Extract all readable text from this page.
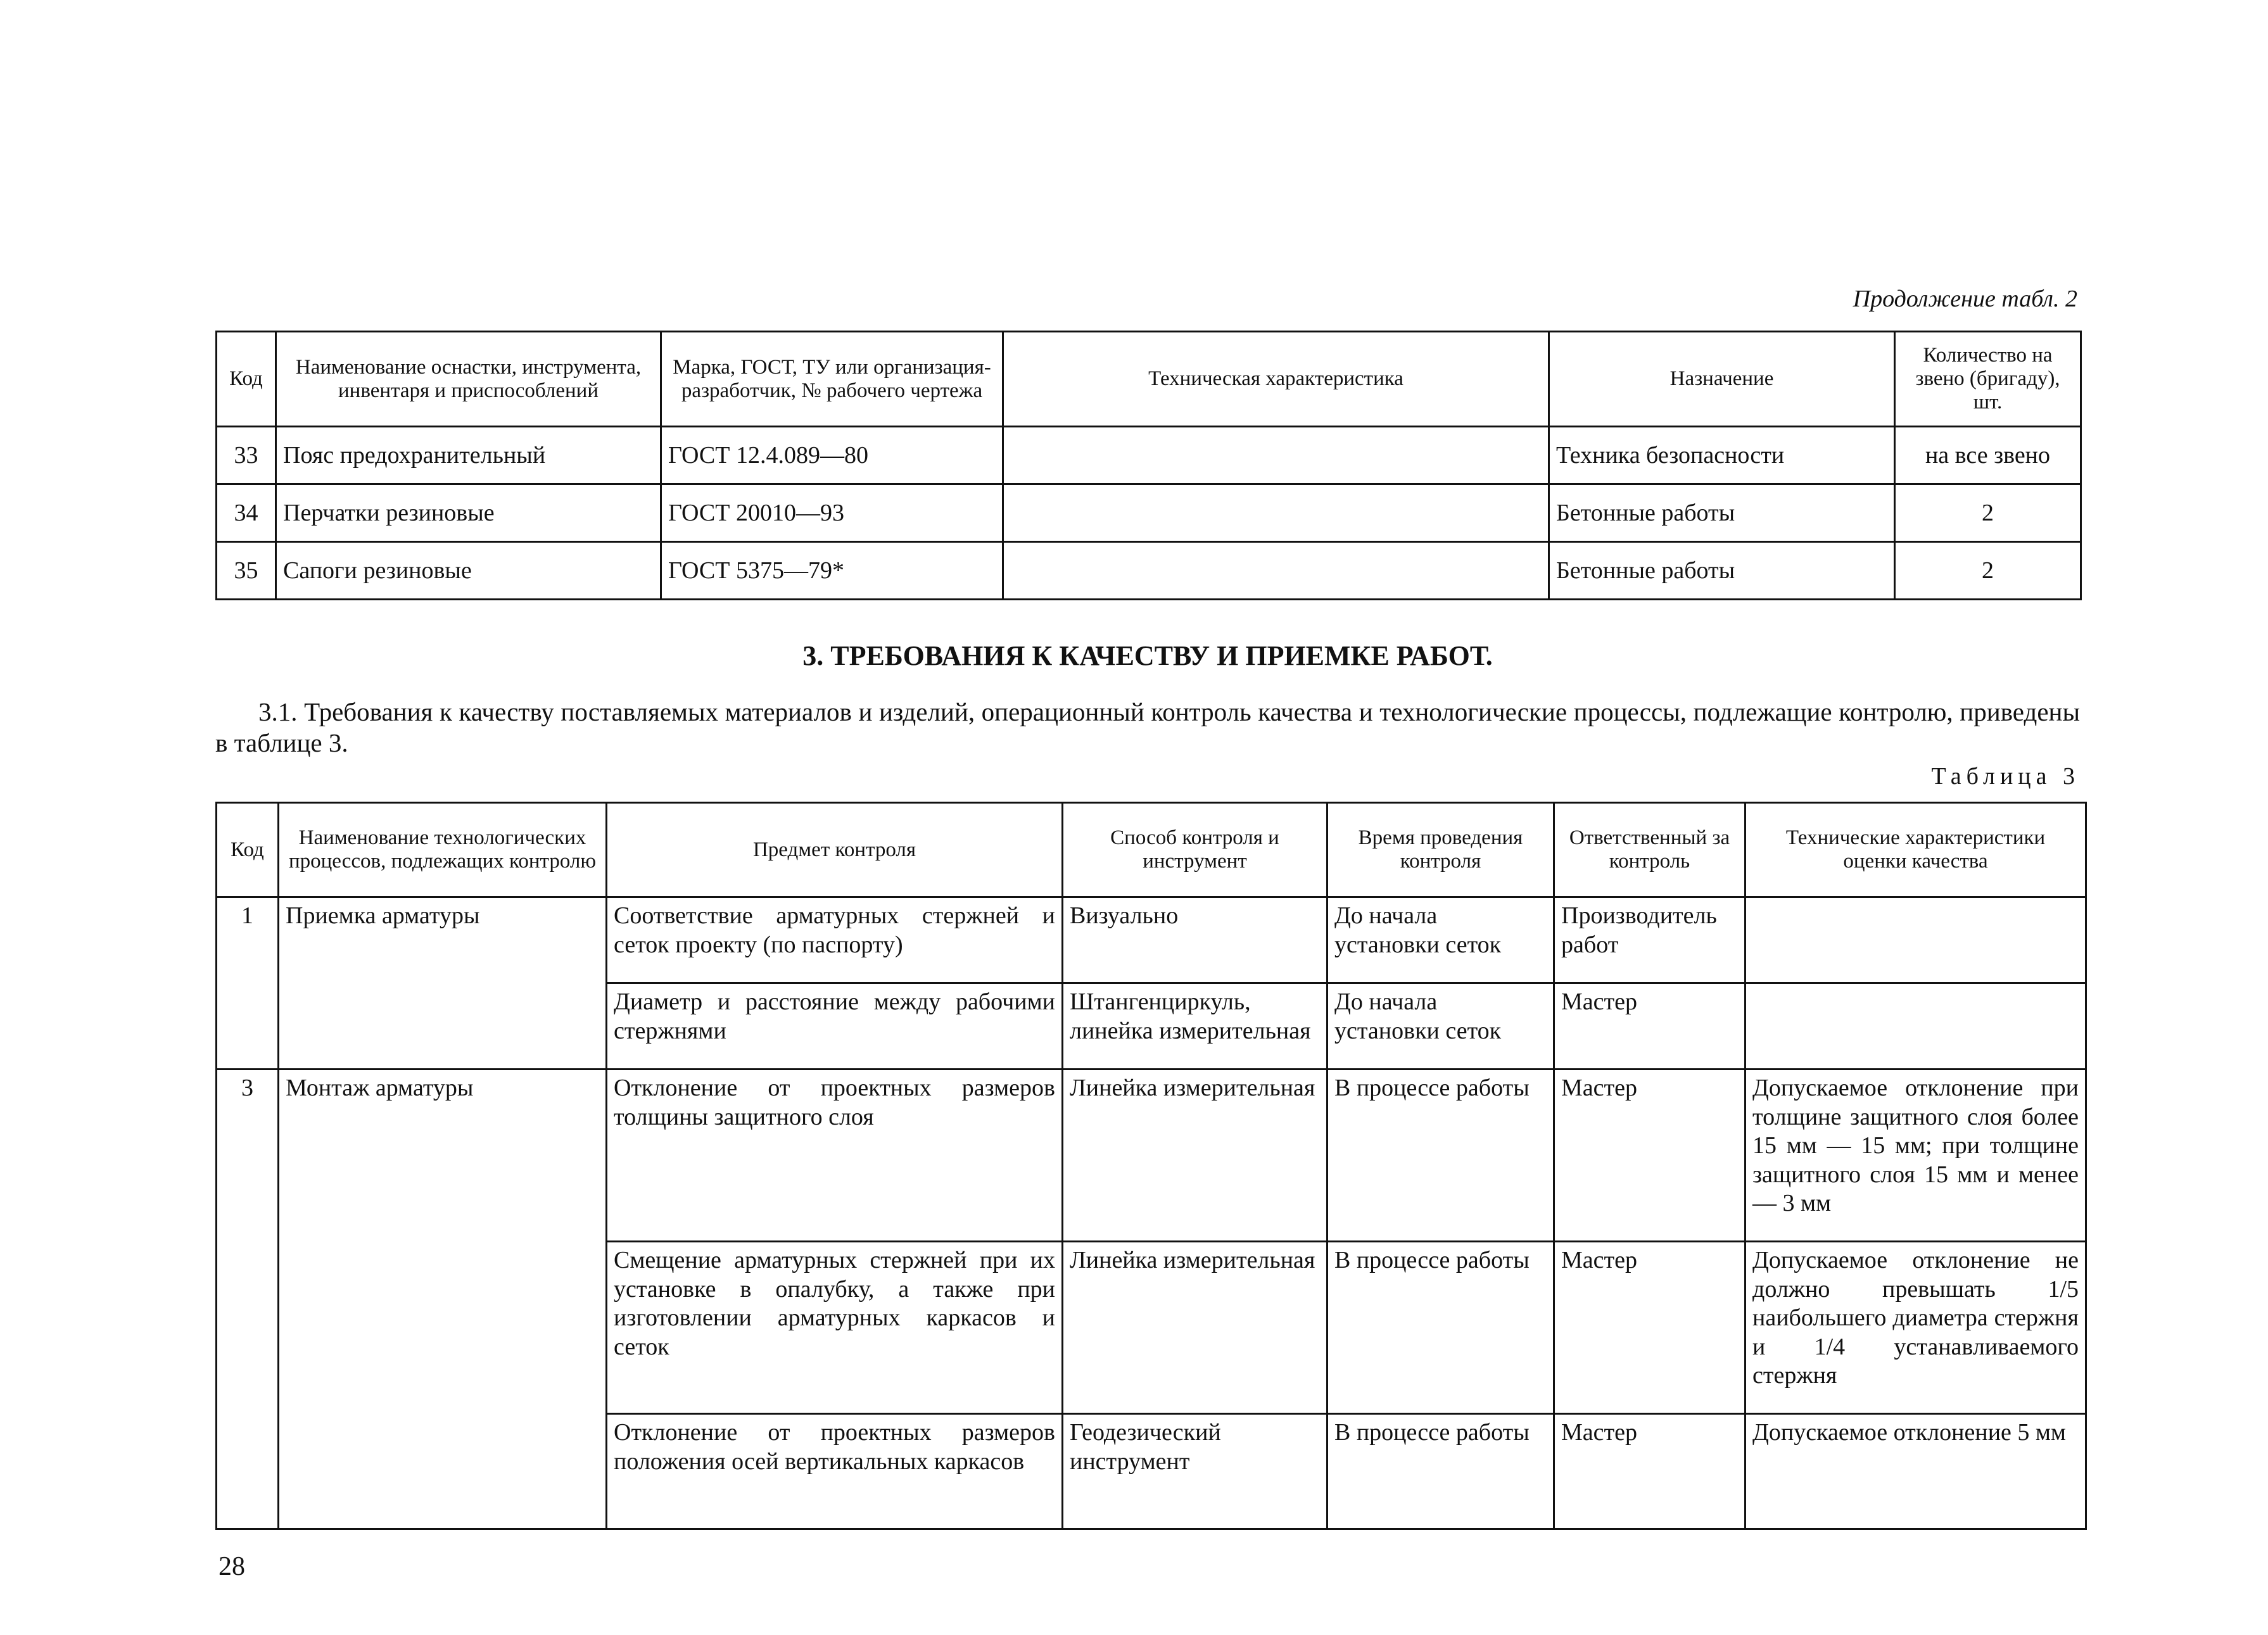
Продолжение табл. 2
Код	Наименование оснастки, инструмента, инвентаря и приспособлений	Марка, ГОСТ, ТУ или организация-разработчик, № рабочего чертежа	Техническая характеристика	Назначение	Количество на звено (бригаду), шт.
33	Пояс предохранительный	ГОСТ 12.4.089—80		Техника безопасности	на все звено
34	Перчатки резиновые	ГОСТ 20010—93		Бетонные работы	2
35	Сапоги резиновые	ГОСТ 5375—79*		Бетонные работы	2
3. ТРЕБОВАНИЯ К КАЧЕСТВУ И ПРИЕМКЕ РАБОТ.
3.1. Требования к качеству поставляемых материалов и изделий, операционный контроль качества и технологические процессы, подлежащие контролю, приведены в таблице 3.
Таблица 3
Код	Наименование технологических процессов, подлежащих контролю	Предмет контроля	Способ контроля и инструмент	Время проведения контроля	Ответственный за контроль	Технические характеристики оценки качества
1	Приемка арматуры	Соответствие арматурных стержней и сеток проекту (по паспорту)	Визуально	До начала установки сеток	Производитель работ	
		Диаметр и расстояние между рабочими стержнями	Штангенциркуль, линейка измерительная	До начала установки сеток	Мастер	
3	Монтаж арматуры	Отклонение от проектных размеров толщины защитного слоя	Линейка измерительная	В процессе работы	Мастер	Допускаемое отклонение при толщине защитного слоя более 15 мм — 15 мм; при толщине защитного слоя 15 мм и менее — 3 мм
		Смещение арматурных стержней при их установке в опалубку, а также при изготовлении арматурных каркасов и сеток	Линейка измерительная	В процессе работы	Мастер	Допускаемое отклонение не должно превышать 1/5 наибольшего диаметра стержня и 1/4 устанавливаемого стержня
		Отклонение от проектных размеров положения осей вертикальных каркасов	Геодезический инструмент	В процессе работы	Мастер	Допускаемое отклонение 5 мм
28
